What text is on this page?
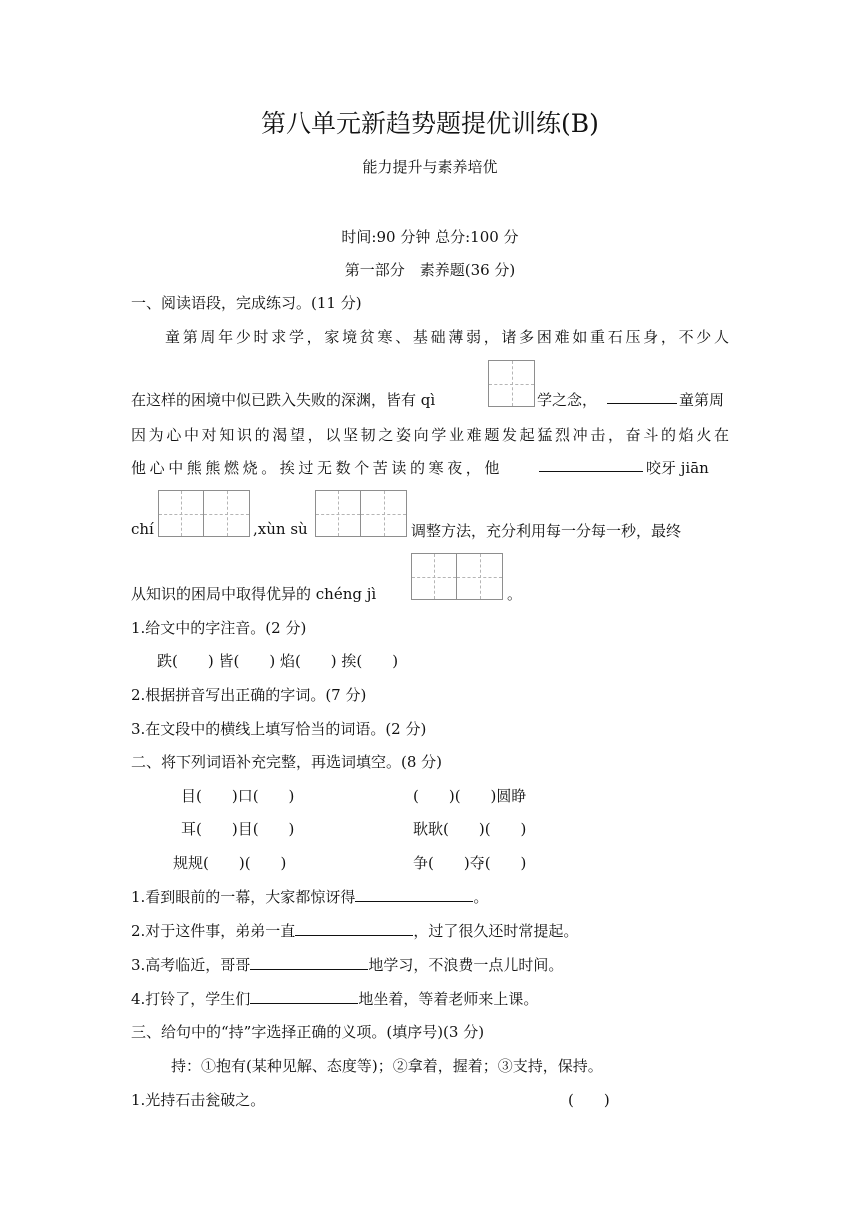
第八单元新趋势题提优训练(B)
能力提升与素养培优
时间:90 分钟 总分:100 分
第一部分　素养题(36 分)
一、阅读语段，完成练习。(11 分)
童第周年少时求学，家境贫寒、基础薄弱，诸多困难如重石压身，不少人
在这样的困境中似已跌入失败的深渊，皆有 qì	学之念，	童第周
因为心中对知识的渴望，以坚韧之姿向学业难题发起猛烈冲击，奋斗的焰火在
他心中熊熊燃烧。挨过无数个苦读的寒夜，他	咬牙 jiān
chí	,xùn sù	调整方法，充分利用每一分每一秒，最终
从知识的困局中取得优异的 chéng jì	。
1.给文中的字注音。(2 分)
跌(　　) 皆(　　) 焰(　　) 挨(　　)
2.根据拼音写出正确的字词。(7 分)
3.在文段中的横线上填写恰当的词语。(2 分)
二、将下列词语补充完整，再选词填空。(8 分)
目(　　)口(　　)	(　　)(　　)圆睁
耳(　　)目(　　)	耿耿(　　)(　　)
规规(　　)(　　)	争(　　)夺(　　)
1.看到眼前的一幕，大家都惊讶得	。
2.对于这件事，弟弟一直	，过了很久还时常提起。
3.高考临近，哥哥	地学习，不浪费一点儿时间。
4.打铃了，学生们	地坐着，等着老师来上课。
三、给句中的“持”字选择正确的义项。(填序号)(3 分)
持：①抱有(某种见解、态度等)；②拿着，握着；③支持，保持。
1.光持石击瓮破之。	(　　)
